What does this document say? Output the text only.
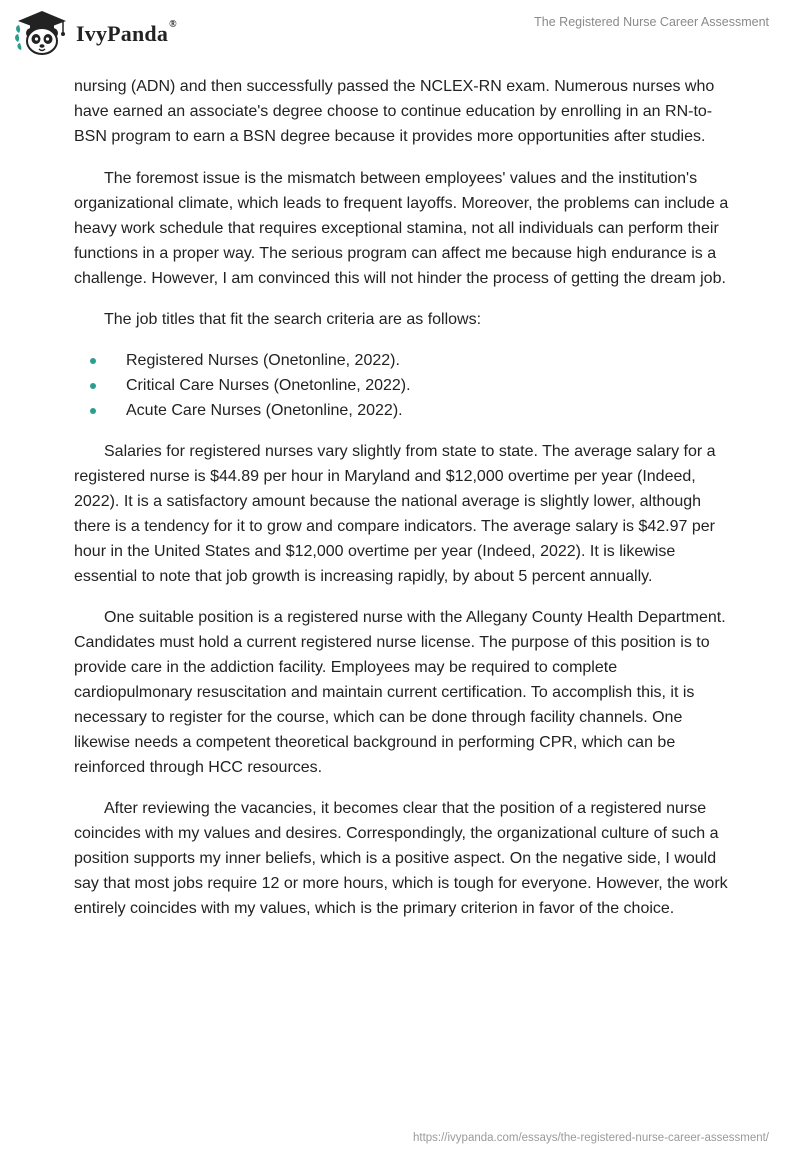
IvyPanda®	The Registered Nurse Career Assessment

nursing (ADN) and then successfully passed the NCLEX-RN exam. Numerous nurses who have earned an associate's degree choose to continue education by enrolling in an RN-to-BSN program to earn a BSN degree because it provides more opportunities after studies.

The foremost issue is the mismatch between employees' values and the institution's organizational climate, which leads to frequent layoffs. Moreover, the problems can include a heavy work schedule that requires exceptional stamina, not all individuals can perform their functions in a proper way. The serious program can affect me because high endurance is a challenge. However, I am convinced this will not hinder the process of getting the dream job.

The job titles that fit the search criteria are as follows:

Registered Nurses (Onetonline, 2022).
Critical Care Nurses (Onetonline, 2022).
Acute Care Nurses (Onetonline, 2022).

Salaries for registered nurses vary slightly from state to state. The average salary for a registered nurse is $44.89 per hour in Maryland and $12,000 overtime per year (Indeed, 2022). It is a satisfactory amount because the national average is slightly lower, although there is a tendency for it to grow and compare indicators. The average salary is $42.97 per hour in the United States and $12,000 overtime per year (Indeed, 2022). It is likewise essential to note that job growth is increasing rapidly, by about 5 percent annually.

One suitable position is a registered nurse with the Allegany County Health Department. Candidates must hold a current registered nurse license. The purpose of this position is to provide care in the addiction facility. Employees may be required to complete cardiopulmonary resuscitation and maintain current certification. To accomplish this, it is necessary to register for the course, which can be done through facility channels. One likewise needs a competent theoretical background in performing CPR, which can be reinforced through HCC resources.

After reviewing the vacancies, it becomes clear that the position of a registered nurse coincides with my values and desires. Correspondingly, the organizational culture of such a position supports my inner beliefs, which is a positive aspect. On the negative side, I would say that most jobs require 12 or more hours, which is tough for everyone. However, the work entirely coincides with my values, which is the primary criterion in favor of the choice.

https://ivypanda.com/essays/the-registered-nurse-career-assessment/
